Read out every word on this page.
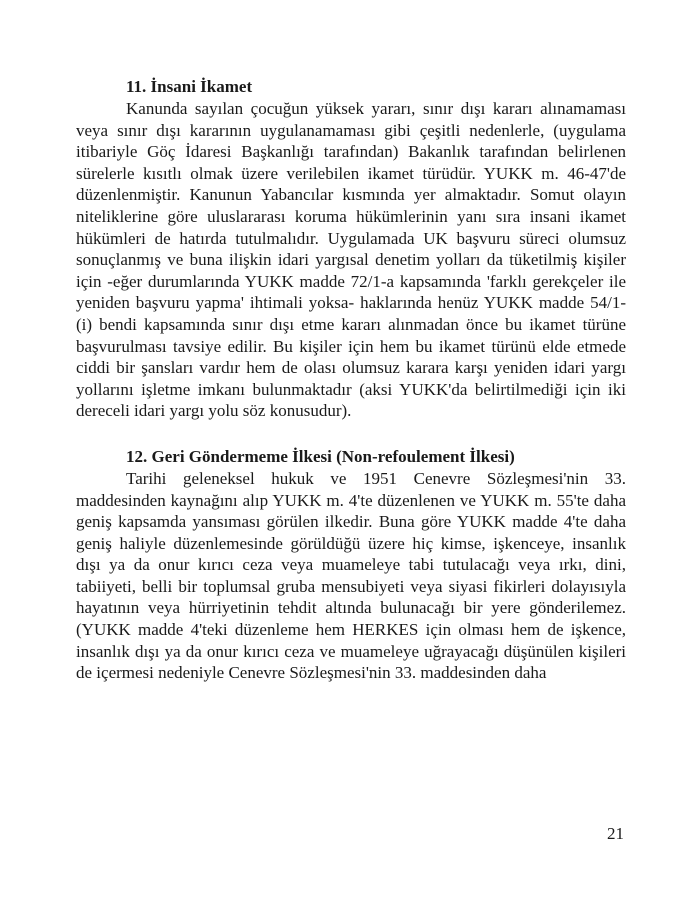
11. İnsani İkamet

Kanunda sayılan çocuğun yüksek yararı, sınır dışı kararı alınamaması veya sınır dışı kararının uygulanamaması gibi çeşitli nedenlerle, (uygulama itibariyle Göç İdaresi Başkanlığı tarafından) Bakanlık tarafından belirlenen sürelerle kısıtlı olmak üzere verilebilen ikamet türüdür. YUKK m. 46-47'de düzenlenmiştir. Kanunun Yabancılar kısmında yer almaktadır. Somut olayın niteliklerine göre uluslararası koruma hükümlerinin yanı sıra insani ikamet hükümleri de hatırda tutulmalıdır. Uygulamada UK başvuru süreci olumsuz sonuçlanmış ve buna ilişkin idari yargısal denetim yolları da tüketilmiş kişiler için -eğer durumlarında YUKK madde 72/1-a kapsamında 'farklı gerekçeler ile yeniden başvuru yapma' ihtimali yoksa- haklarında henüz YUKK madde 54/1-(i) bendi kapsamında sınır dışı etme kararı alınmadan önce bu ikamet türüne başvurulması tavsiye edilir. Bu kişiler için hem bu ikamet türünü elde etmede ciddi bir şansları vardır hem de olası olumsuz karara karşı yeniden idari yargı yollarını işletme imkanı bulunmaktadır (aksi YUKK'da belirtilmediği için iki dereceli idari yargı yolu söz konusudur).

12. Geri Göndermeme İlkesi (Non-refoulement İlkesi)

Tarihi geleneksel hukuk ve 1951 Cenevre Sözleşmesi'nin 33. maddesinden kaynağını alıp YUKK m. 4'te düzenlenen ve YUKK m. 55'te daha geniş kapsamda yansıması görülen ilkedir. Buna göre YUKK madde 4'te daha geniş haliyle düzenlemesinde görüldüğü üzere hiç kimse, işkenceye, insanlık dışı ya da onur kırıcı ceza veya muameleye tabi tutulacağı veya ırkı, dini, tabiiyeti, belli bir toplumsal gruba mensubiyeti veya siyasi fikirleri dolayısıyla hayatının veya hürriyetinin tehdit altında bulunacağı bir yere gönderilemez. (YUKK madde 4'teki düzenleme hem HERKES için olması hem de işkence, insanlık dışı ya da onur kırıcı ceza ve muameleye uğrayacağı düşünülen kişileri de içermesi nedeniyle Cenevre Sözleşmesi'nin 33. maddesinden daha

21
